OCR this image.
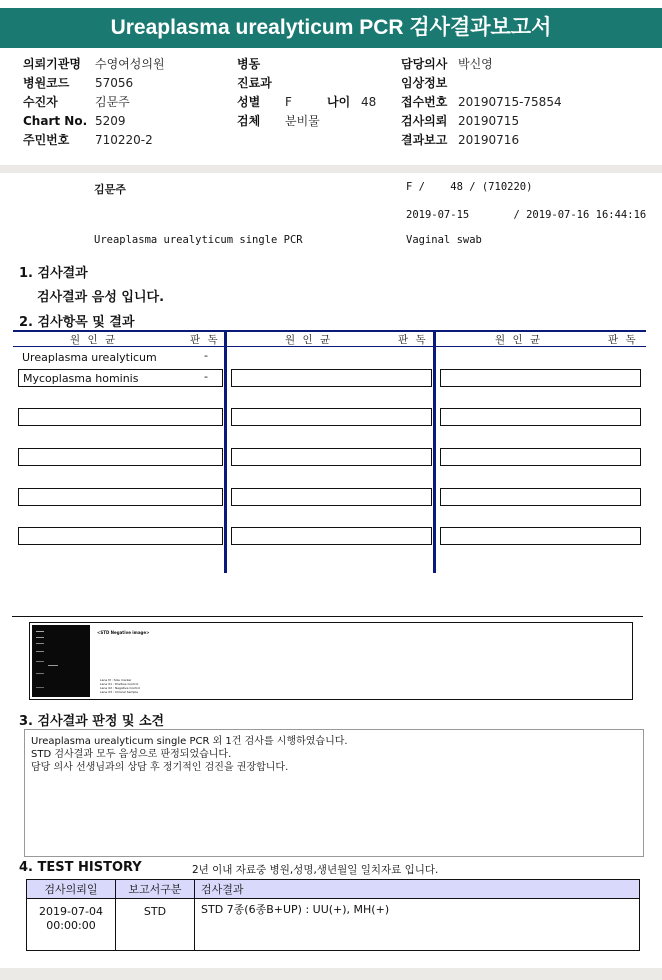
Ureaplasma urealyticum PCR 검사결과보고서
의뢰기관명 수영여성의원
병원코드 57056
수진자	김문주
Chart No. 5209
주민번호 710220-2
병동
진료과
성별 F	나이 48
검체 분비물
담당의사 박신영
임상정보
접수번호 20190715-75854
검사의뢰 20190715
결과보고 20190716
김문주	F /    48 / (710220)
2019-07-15       / 2019-07-16 16:44:16
Ureaplasma urealyticum single PCR	Vaginal swab
1. 검사결과
검사결과 음성 입니다.
2. 검사항목 및 결과
원 인 균	판 독	원 인 균	판 독	원 인 균	판 독
Ureaplasma urealyticum	-
Mycoplasma hominis	-
<STD Negative image>
Lane M : Size marker
Lane 01 : Positive Control
Lane 02 : Negative Control
Lane 03 : Clinical Sample
3. 검사결과 판정 및 소견
Ureaplasma urealyticum single PCR 외 1건 검사를 시행하였습니다.
STD 검사결과 모두 음성으로 판정되었습니다.
담당 의사 선생님과의 상담 후 정기적인 검진을 권장합니다.
4. TEST HISTORY	2년 이내 자료중 병원,성명,생년월일 일치자료 입니다.
검사의뢰일	보고서구분	검사결과

2019-07-04
00:00:00	STD	STD 7종(6종B+UP) : UU(+), MH(+)
